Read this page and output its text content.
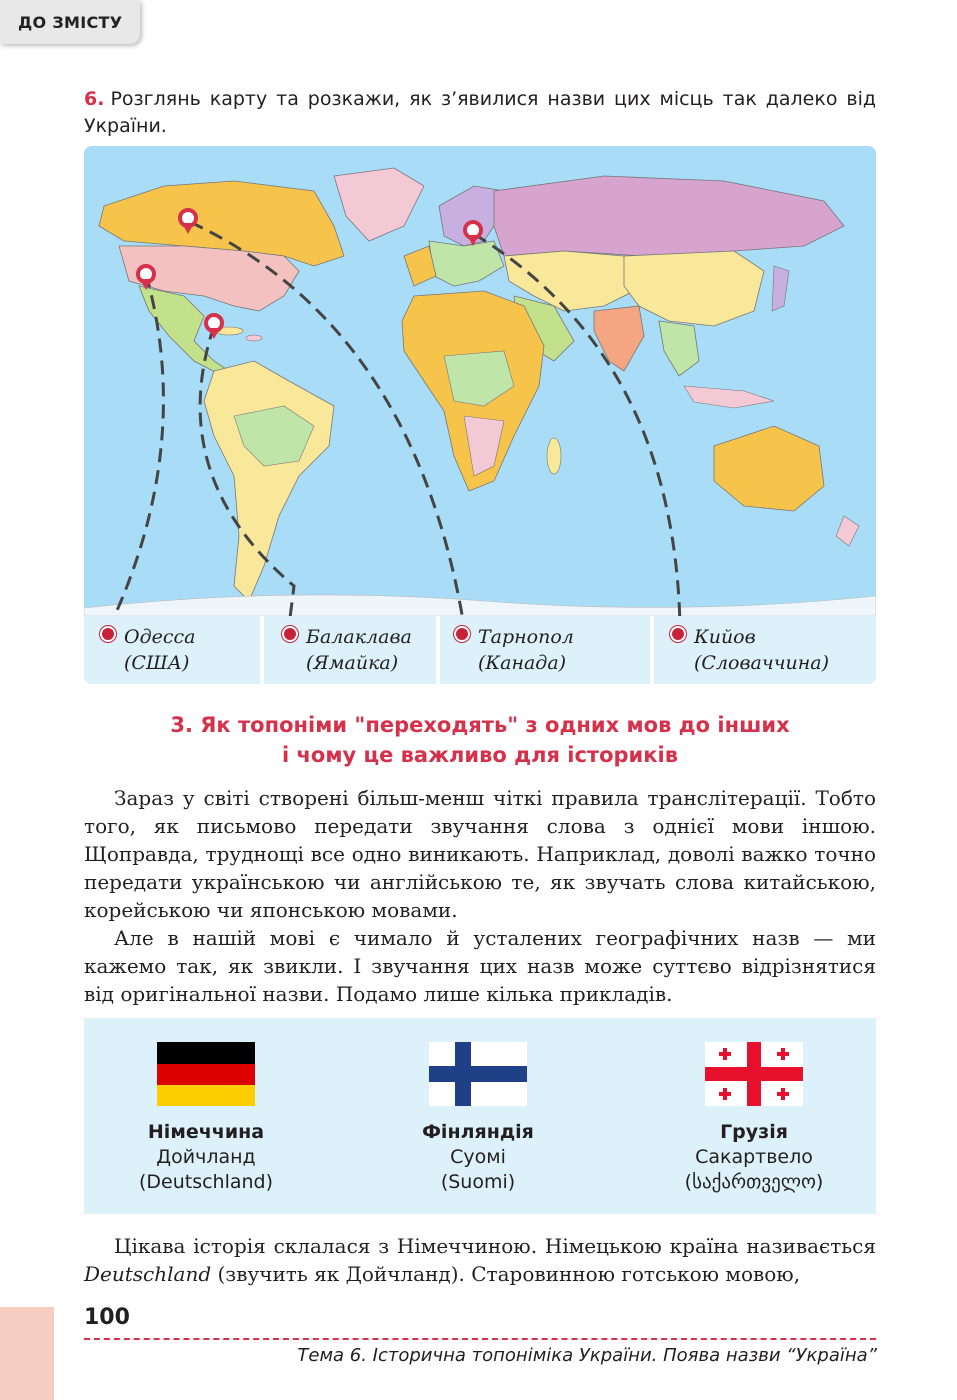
ДО ЗМІСТУ
6. Розглянь карту та розкажи, як з’явилися назви цих місць так далеко від України.
Одесса
(США)
Балаклава
(Ямайка)
Тарнопол
(Канада)
Кийов
(Словаччина)
3. Як топоніми "переходять" з одних мов до інших
і чому це важливо для істориків
Зараз у світі створені більш-менш чіткі правила транслітерації. Тобто того, як письмово передати звучання слова з однієї мови іншою. Щоправда, труднощі все одно виникають. Наприклад, доволі важко точно передати українською чи англійською те, як звучать слова китайською, корейською чи японською мовами.
Але в нашій мові є чимало й усталених географічних назв — ми кажемо так, як звикли. І звучання цих назв може суттєво відрізнятися від оригінальної назви. Подамо лише кілька прикладів.
Німеччина
Дойчланд
(Deutschland)
Фінляндія
Суомі
(Suomi)
Грузія
Сакартвело
(საქართველო)
Цікава історія склалася з Німеччиною. Німецькою країна називається Deutschland (звучить як Дойчланд). Старовинною готською мовою,
100
Тема 6. Історична топоніміка України. Поява назви “Україна”
